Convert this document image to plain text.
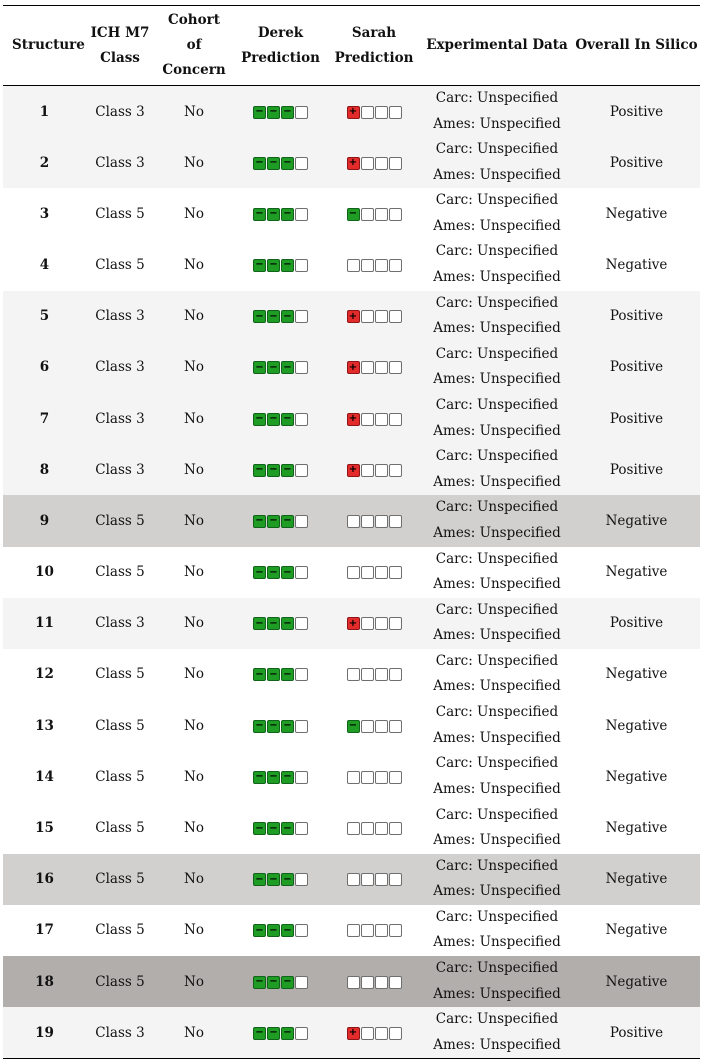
Structure	ICH M7
Class	Cohort
of
Concern	Derek
Prediction	Sarah
Prediction	Experimental Data	Overall In Silico
1	Class 3	No	− − −	+	Carc: Unspecified
Ames: Unspecified	Positive
2	Class 3	No	− − −	+	Carc: Unspecified
Ames: Unspecified	Positive
3	Class 5	No	− − −	−	Carc: Unspecified
Ames: Unspecified	Negative
4	Class 5	No	− − −		Carc: Unspecified
Ames: Unspecified	Negative
5	Class 3	No	− − −	+	Carc: Unspecified
Ames: Unspecified	Positive
6	Class 3	No	− − −	+	Carc: Unspecified
Ames: Unspecified	Positive
7	Class 3	No	− − −	+	Carc: Unspecified
Ames: Unspecified	Positive
8	Class 3	No	− − −	+	Carc: Unspecified
Ames: Unspecified	Positive
9	Class 5	No	− − −		Carc: Unspecified
Ames: Unspecified	Negative
10	Class 5	No	− − −		Carc: Unspecified
Ames: Unspecified	Negative
11	Class 3	No	− − −	+	Carc: Unspecified
Ames: Unspecified	Positive
12	Class 5	No	− − −		Carc: Unspecified
Ames: Unspecified	Negative
13	Class 5	No	− − −	−	Carc: Unspecified
Ames: Unspecified	Negative
14	Class 5	No	− − −		Carc: Unspecified
Ames: Unspecified	Negative
15	Class 5	No	− − −		Carc: Unspecified
Ames: Unspecified	Negative
16	Class 5	No	− − −		Carc: Unspecified
Ames: Unspecified	Negative
17	Class 5	No	− − −		Carc: Unspecified
Ames: Unspecified	Negative
18	Class 5	No	− − −		Carc: Unspecified
Ames: Unspecified	Negative
19	Class 3	No	− − −	+	Carc: Unspecified
Ames: Unspecified	Positive
